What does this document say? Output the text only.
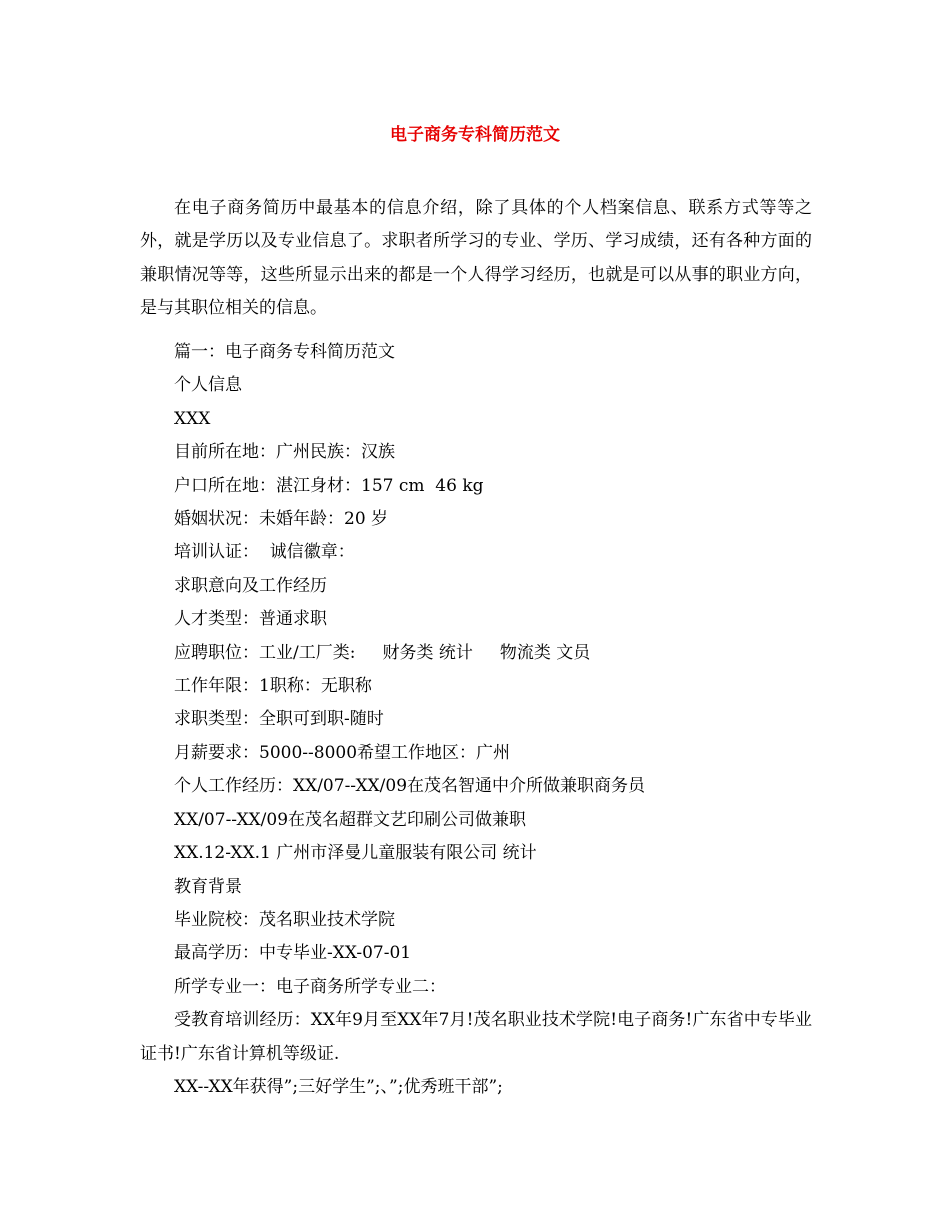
电子商务专科简历范文

在电子商务简历中最基本的信息介绍，除了具体的个人档案信息、联系方式等等之外，就是学历以及专业信息了。求职者所学习的专业、学历、学习成绩，还有各种方面的兼职情况等等，这些所显示出来的都是一个人得学习经历，也就是可以从事的职业方向，是与其职位相关的信息。

篇一：电子商务专科简历范文
个人信息
XXX
目前所在地：广州民族：汉族
户口所在地：湛江身材：157 cm  46 kg
婚姻状况：未婚年龄：20 岁
培训认证：  诚信徽章：
求职意向及工作经历
人才类型：普通求职
应聘职位：工业/工厂类:     财务类 统计     物流类 文员
工作年限：1职称：无职称
求职类型：全职可到职-随时
月薪要求：5000--8000希望工作地区：广州
个人工作经历：XX/07--XX/09在茂名智通中介所做兼职商务员
XX/07--XX/09在茂名超群文艺印刷公司做兼职
XX.12-XX.1 广州市泽曼儿童服装有限公司 统计
教育背景
毕业院校：茂名职业技术学院
最高学历：中专毕业-XX-07-01
所学专业一：电子商务所学专业二：
受教育培训经历：XX年9月至XX年7月!茂名职业技术学院!电子商务!广东省中专毕业证书!广东省计算机等级证.
XX--XX年获得”;三好学生”;、”;优秀班干部”;
